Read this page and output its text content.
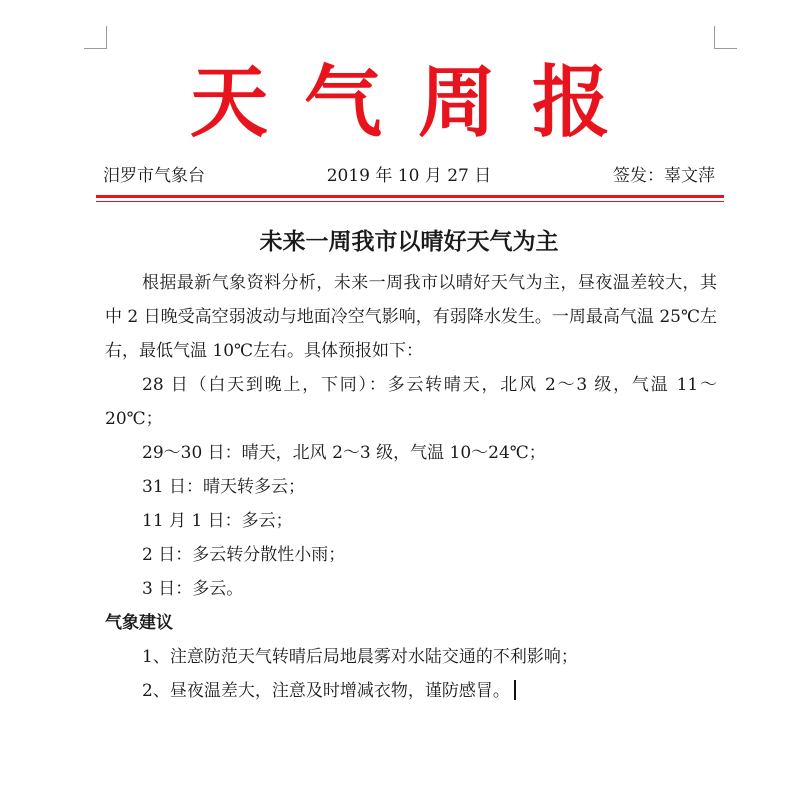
天气周报
汨罗市气象台	2019 年 10 月 27 日	签发：辜文萍
未来一周我市以晴好天气为主

根据最新气象资料分析，未来一周我市以晴好天气为主，昼夜温差较大，其中 2 日晚受高空弱波动与地面冷空气影响，有弱降水发生。一周最高气温 25℃左右，最低气温 10℃左右。具体预报如下：

28 日（白天到晚上，下同）：多云转晴天，北风 2～3 级，气温 11～20℃；

29～30 日：晴天，北风 2～3 级，气温 10～24℃；

31 日：晴天转多云；

11 月 1 日：多云；

2 日：多云转分散性小雨；

3 日：多云。

气象建议

1、注意防范天气转晴后局地晨雾对水陆交通的不利影响；

2、昼夜温差大，注意及时增减衣物，谨防感冒。
